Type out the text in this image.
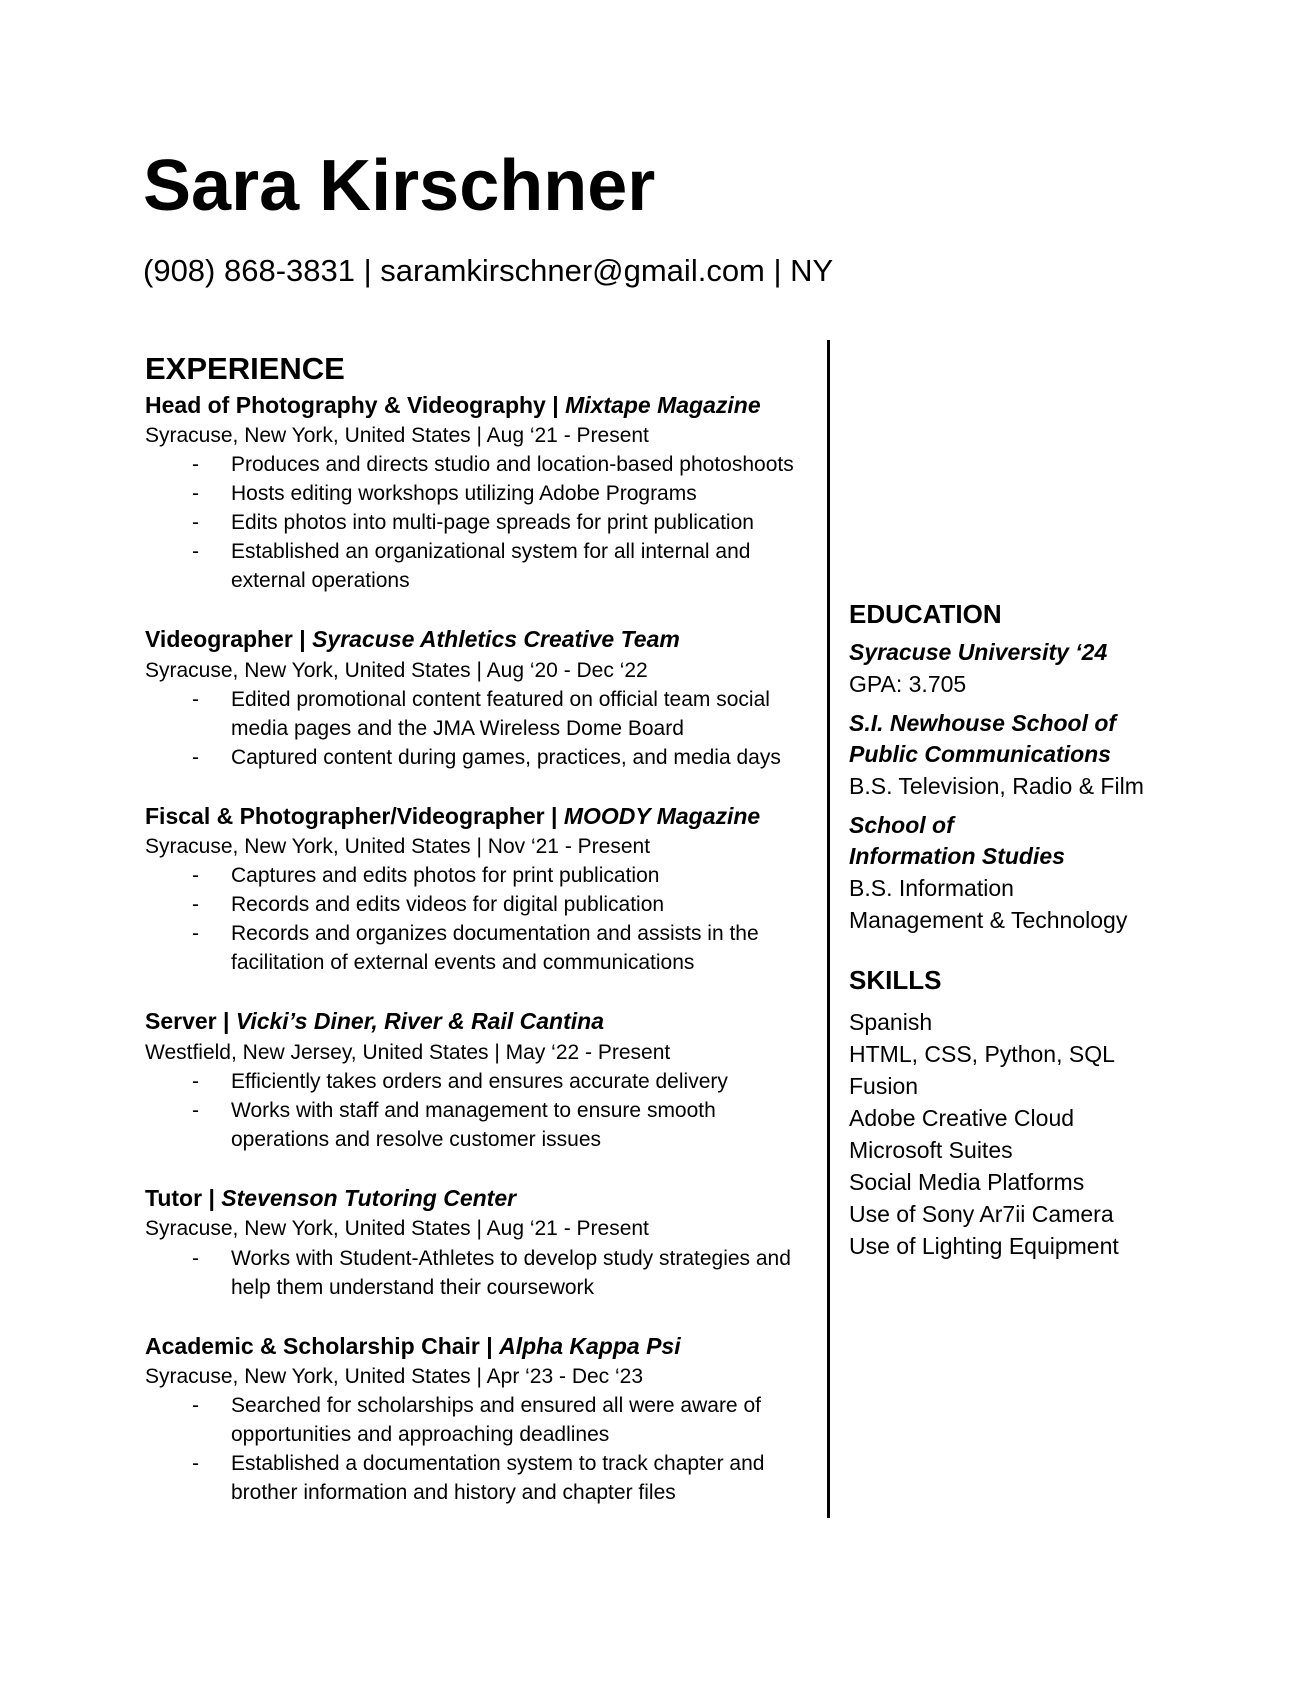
Sara Kirschner
(908) 868-3831 | saramkirschner@gmail.com | NY
EXPERIENCE
Head of Photography & Videography | Mixtape Magazine
Syracuse, New York, United States | Aug ‘21 - Present
- Produces and directs studio and location-based photoshoots
- Hosts editing workshops utilizing Adobe Programs
- Edits photos into multi-page spreads for print publication
- Established an organizational system for all internal and external operations
Videographer | Syracuse Athletics Creative Team
Syracuse, New York, United States | Aug ‘20 - Dec ‘22
- Edited promotional content featured on official team social media pages and the JMA Wireless Dome Board
- Captured content during games, practices, and media days
Fiscal & Photographer/Videographer | MOODY Magazine
Syracuse, New York, United States | Nov ‘21 - Present
- Captures and edits photos for print publication
- Records and edits videos for digital publication
- Records and organizes documentation and assists in the facilitation of external events and communications
Server | Vicki’s Diner, River & Rail Cantina
Westfield, New Jersey, United States | May ‘22 - Present
- Efficiently takes orders and ensures accurate delivery
- Works with staff and management to ensure smooth operations and resolve customer issues
Tutor | Stevenson Tutoring Center
Syracuse, New York, United States | Aug ‘21 - Present
- Works with Student-Athletes to develop study strategies and help them understand their coursework
Academic & Scholarship Chair | Alpha Kappa Psi
Syracuse, New York, United States | Apr ‘23 - Dec ‘23
- Searched for scholarships and ensured all were aware of opportunities and approaching deadlines
- Established a documentation system to track chapter and brother information and history and chapter files
EDUCATION
Syracuse University ‘24
GPA: 3.705
S.I. Newhouse School of
Public Communications
B.S. Television, Radio & Film
School of
Information Studies
B.S. Information
Management & Technology
SKILLS
Spanish
HTML, CSS, Python, SQL
Fusion
Adobe Creative Cloud
Microsoft Suites
Social Media Platforms
Use of Sony Ar7ii Camera
Use of Lighting Equipment
